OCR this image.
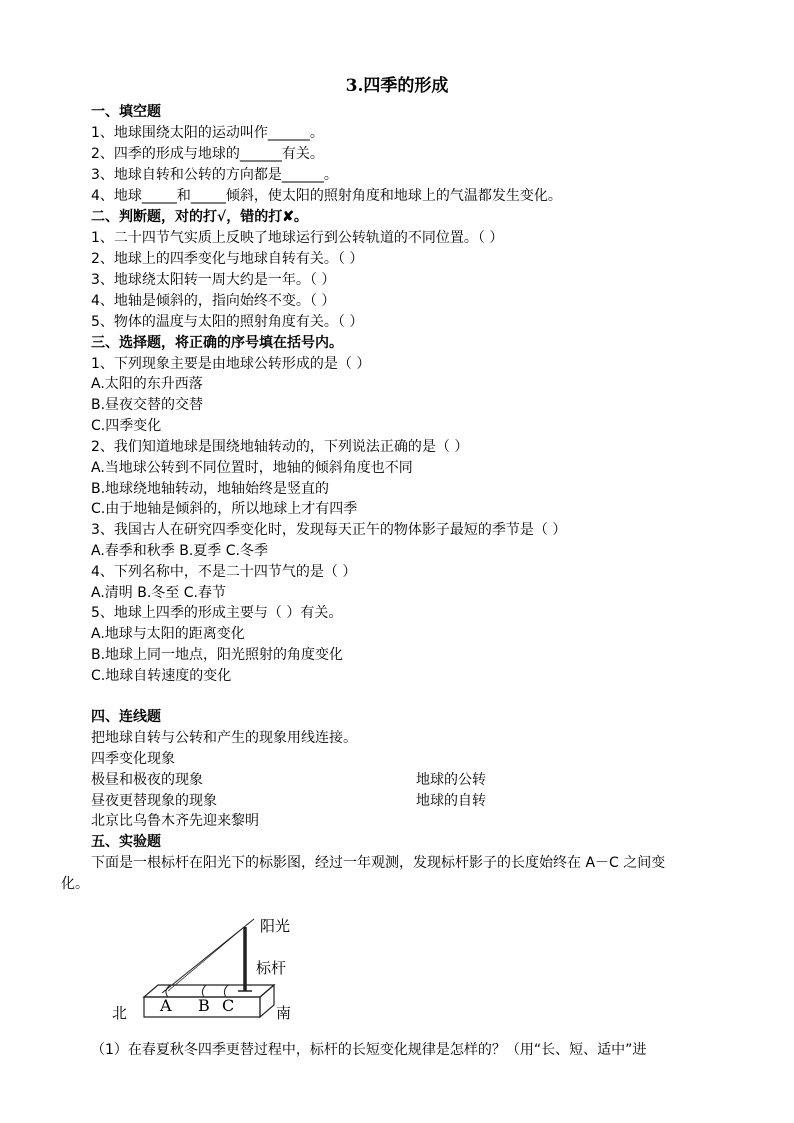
3.四季的形成
一、填空题
1、地球围绕太阳的运动叫作______。
2、四季的形成与地球的______有关。
3、地球自转和公转的方向都是______。
4、地球_____和_____倾斜，使太阳的照射角度和地球上的气温都发生变化。
二、判断题，对的打√，错的打✘。
1、二十四节气实质上反映了地球运行到公转轨道的不同位置。（ ）
2、地球上的四季变化与地球自转有关。（ ）
3、地球绕太阳转一周大约是一年。（ ）
4、地轴是倾斜的，指向始终不变。（ ）
5、物体的温度与太阳的照射角度有关。（ ）
三、选择题，将正确的序号填在括号内。
1、下列现象主要是由地球公转形成的是（ ）
A.太阳的东升西落
B.昼夜交替的交替
C.四季变化
2、我们知道地球是围绕地轴转动的，下列说法正确的是（ ）
A.当地球公转到不同位置时，地轴的倾斜角度也不同
B.地球绕地轴转动，地轴始终是竖直的
C.由于地轴是倾斜的，所以地球上才有四季
3、我国古人在研究四季变化时，发现每天正午的物体影子最短的季节是（ ）
A.春季和秋季 B.夏季 C.冬季
4、下列名称中，不是二十四节气的是（ ）
A.清明 B.冬至 C.春节
5、地球上四季的形成主要与（ ）有关。
A.地球与太阳的距离变化
B.地球上同一地点，阳光照射的角度变化
C.地球自转速度的变化
四、连线题
把地球自转与公转和产生的现象用线连接。
四季变化现象
极昼和极夜的现象	地球的公转
昼夜更替现象的现象	地球的自转
北京比乌鲁木齐先迎来黎明
五、实验题
下面是一根标杆在阳光下的标影图，经过一年观测，发现标杆影子的长度始终在 A－C 之间变
化。
阳光
标杆
北	南
A B C
（1）在春夏秋冬四季更替过程中，标杆的长短变化规律是怎样的？（用“长、短、适中”进
